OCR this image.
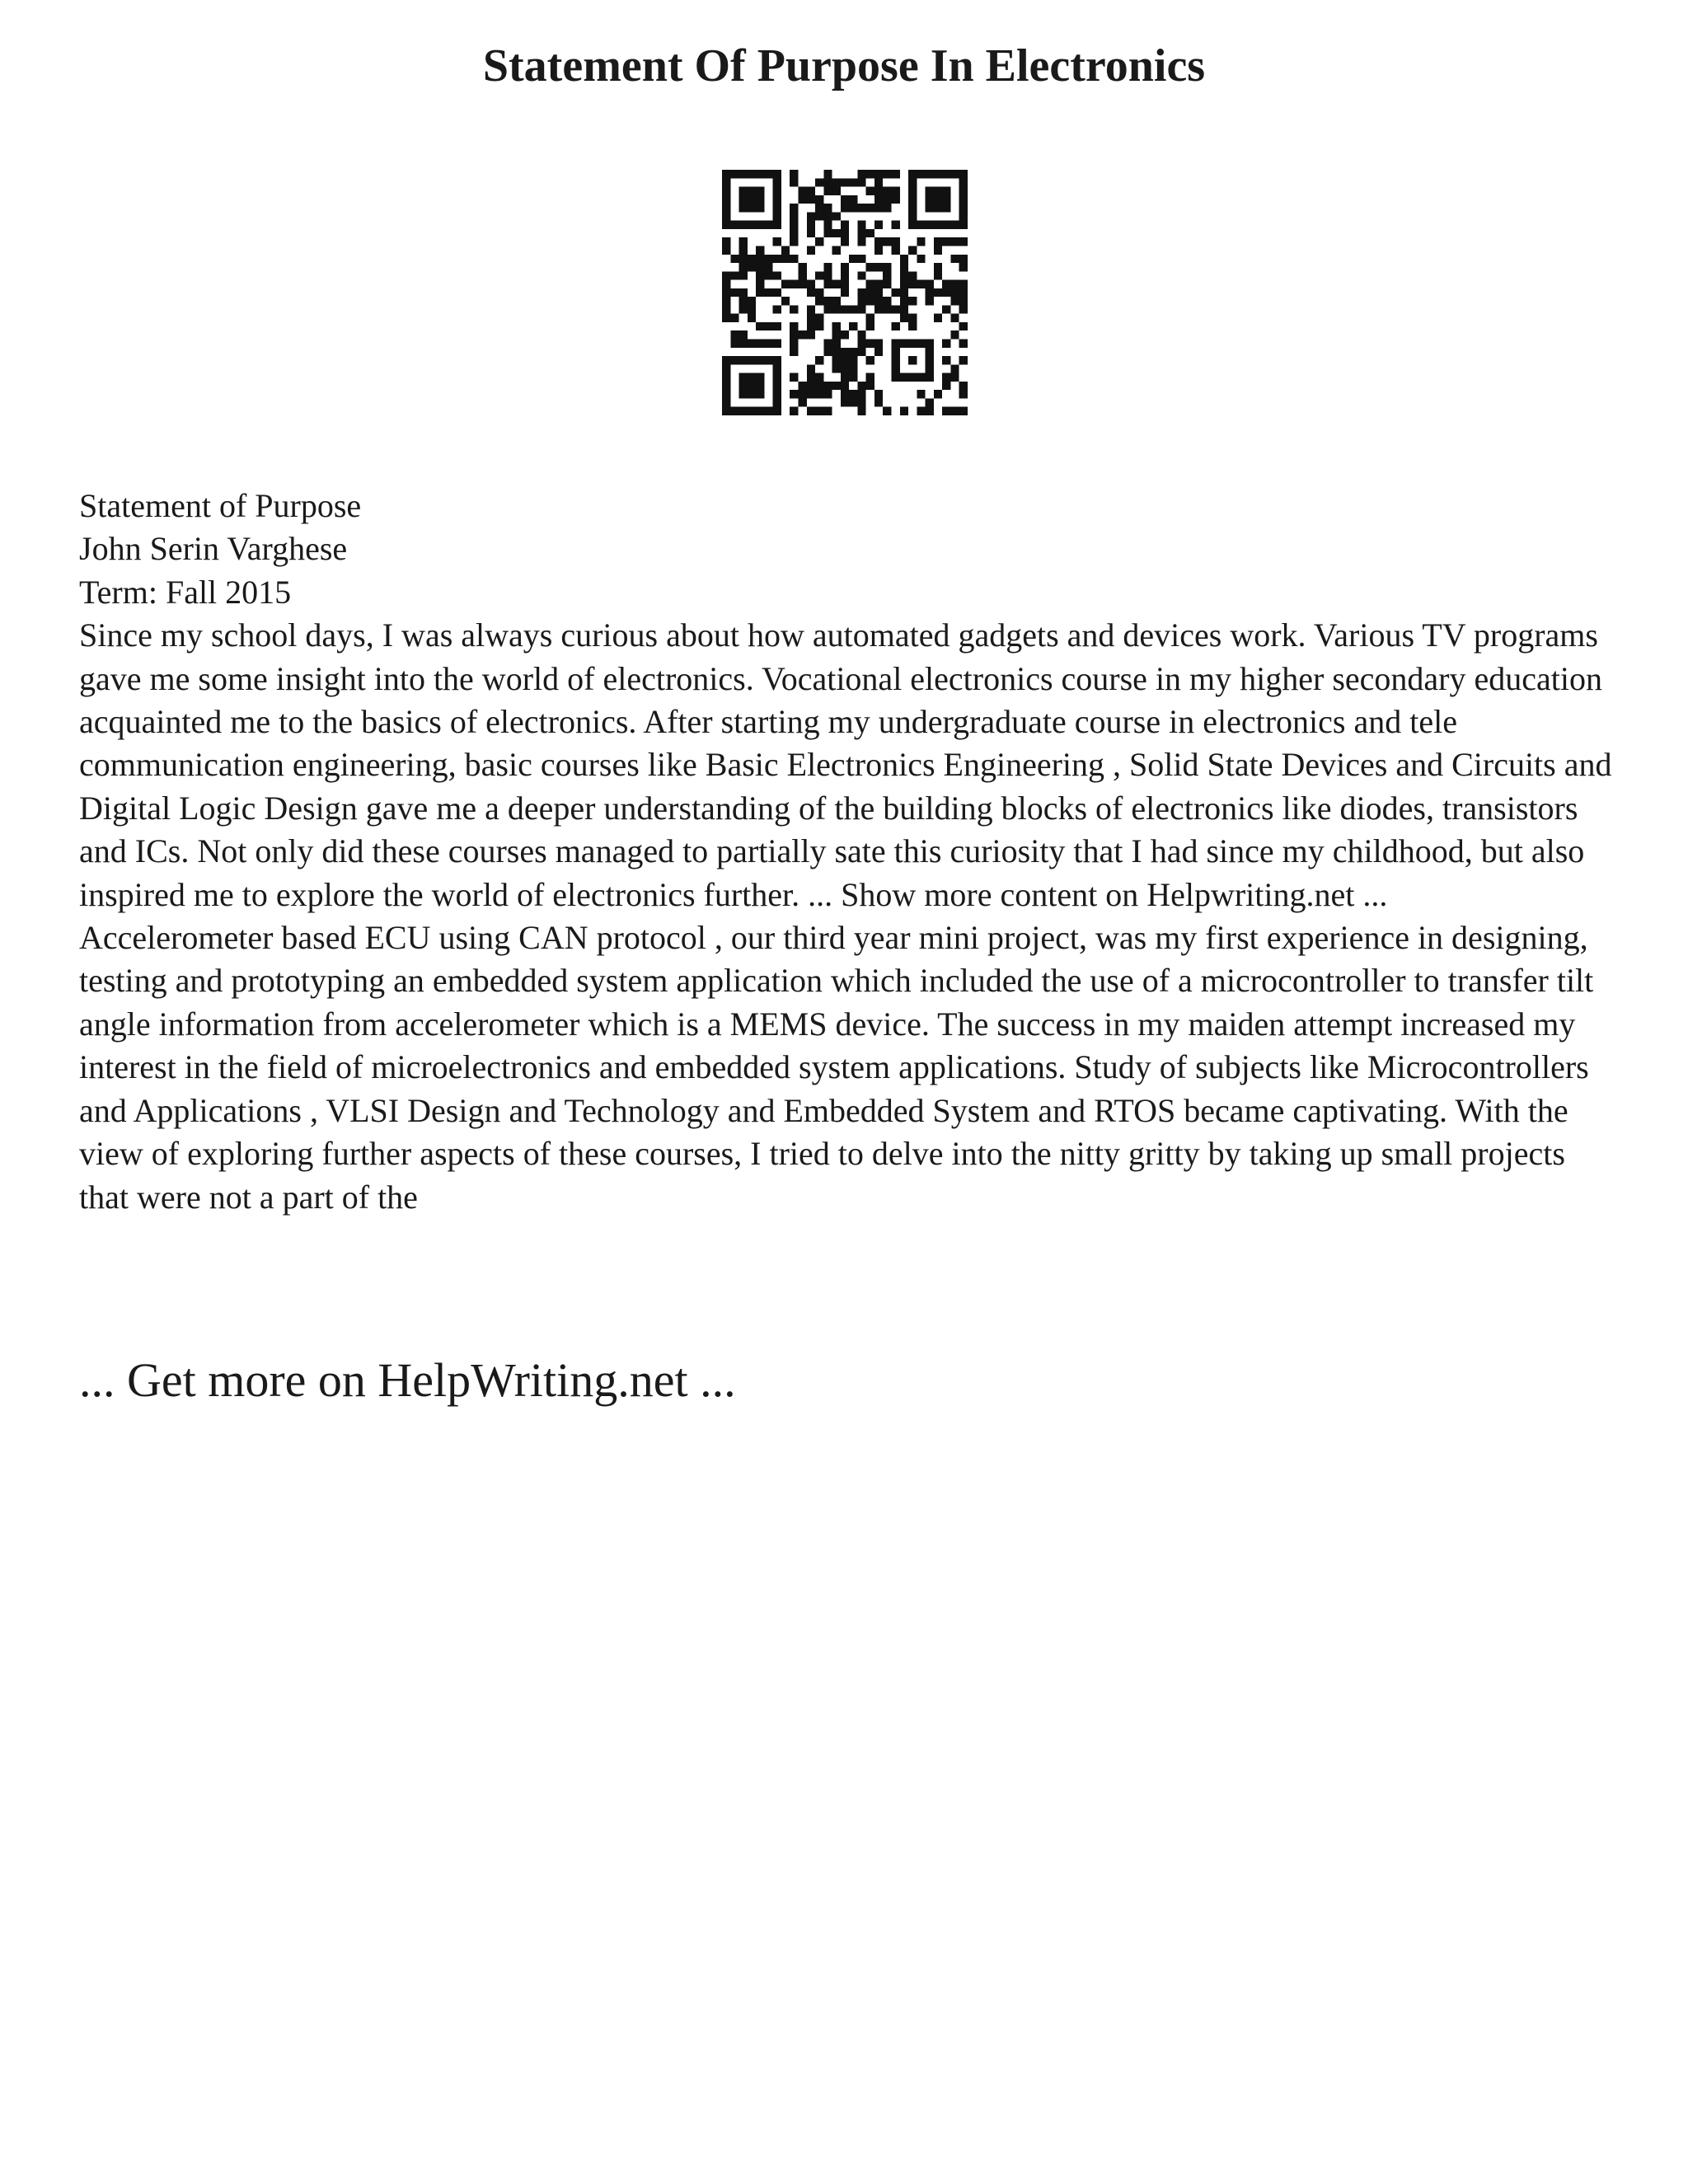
Statement Of Purpose In Electronics
Statement of Purpose
John Serin Varghese
Term: Fall 2015

Since my school days, I was always curious about how automated gadgets and devices work. Various TV programs gave me some insight into the world of electronics. Vocational electronics course in my higher secondary education acquainted me to the basics of electronics. After starting my undergraduate course in electronics and tele communication engineering, basic courses like Basic Electronics Engineering , Solid State Devices and Circuits and Digital Logic Design gave me a deeper understanding of the building blocks of electronics like diodes, transistors and ICs. Not only did these courses managed to partially sate this curiosity that I had since my childhood, but also inspired me to explore the world of electronics further. ... Show more content on Helpwriting.net ...

Accelerometer based ECU using CAN protocol , our third year mini project, was my first experience in designing, testing and prototyping an embedded system application which included the use of a microcontroller to transfer tilt angle information from accelerometer which is a MEMS device. The success in my maiden attempt increased my interest in the field of microelectronics and embedded system applications. Study of subjects like Microcontrollers and Applications , VLSI Design and Technology and Embedded System and RTOS became captivating. With the view of exploring further aspects of these courses, I tried to delve into the nitty gritty by taking up small projects that were not a part of the

... Get more on HelpWriting.net ...
